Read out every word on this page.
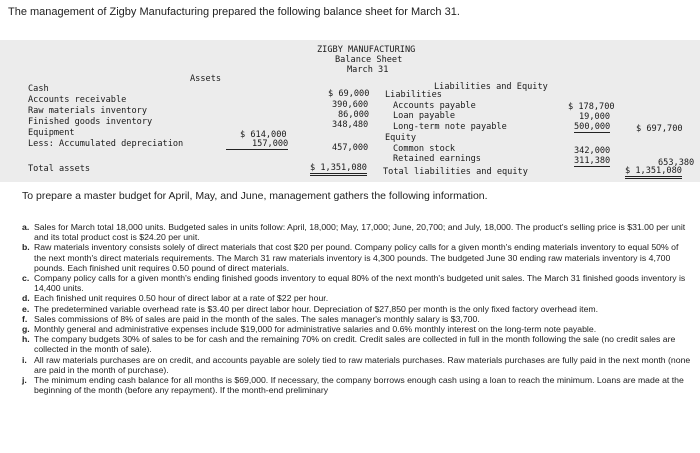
The management of Zigby Manufacturing prepared the following balance sheet for March 31.
ZIGBY MANUFACTURING
Balance Sheet
March 31
Assets
Liabilities and Equity
Cash	$ 69,000
Accounts receivable	390,600
Raw materials inventory	86,000
Finished goods inventory	348,480
Equipment	$ 614,000
Less: Accumulated depreciation	157,000	457,000
Total assets	$ 1,351,080
Liabilities
Accounts payable	$ 178,700
Loan payable	19,000
Long-term note payable	500,000	$ 697,700
Equity
Common stock	342,000
Retained earnings	311,380	653,380
Total liabilities and equity	$ 1,351,080
To prepare a master budget for April, May, and June, management gathers the following information.

a. Sales for March total 18,000 units. Budgeted sales in units follow: April, 18,000; May, 17,000; June, 20,700; and July, 18,000. The product's selling price is $31.00 per unit and its total product cost is $24.20 per unit.

b. Raw materials inventory consists solely of direct materials that cost $20 per pound. Company policy calls for a given month's ending materials inventory to equal 50% of the next month's direct materials requirements. The March 31 raw materials inventory is 4,300 pounds. The budgeted June 30 ending raw materials inventory is 4,700 pounds. Each finished unit requires 0.50 pound of direct materials.

c. Company policy calls for a given month's ending finished goods inventory to equal 80% of the next month's budgeted unit sales. The March 31 finished goods inventory is 14,400 units.

d. Each finished unit requires 0.50 hour of direct labor at a rate of $22 per hour.

e. The predetermined variable overhead rate is $3.40 per direct labor hour. Depreciation of $27,850 per month is the only fixed factory overhead item.

f. Sales commissions of 8% of sales are paid in the month of the sales. The sales manager's monthly salary is $3,700.

g. Monthly general and administrative expenses include $19,000 for administrative salaries and 0.6% monthly interest on the long-term note payable.

h. The company budgets 30% of sales to be for cash and the remaining 70% on credit. Credit sales are collected in full in the month following the sale (no credit sales are collected in the month of sale).

i. All raw materials purchases are on credit, and accounts payable are solely tied to raw materials purchases. Raw materials purchases are fully paid in the next month (none are paid in the month of purchase).

j. The minimum ending cash balance for all months is $69,000. If necessary, the company borrows enough cash using a loan to reach the minimum. Loans are made at the beginning of the month (before any repayment). If the month-end preliminary
